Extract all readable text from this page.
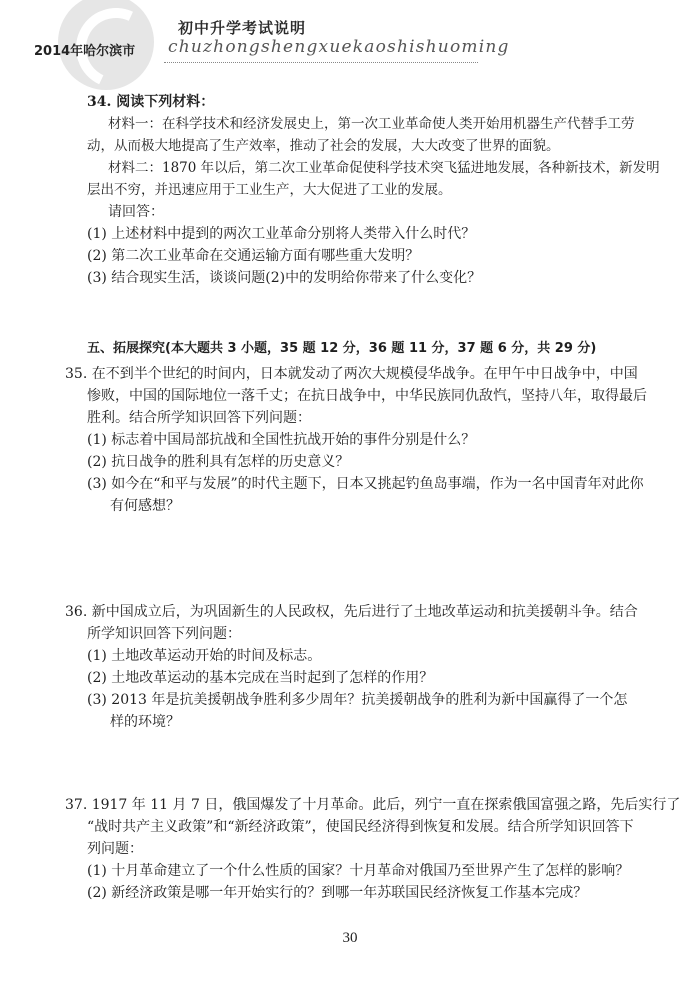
初中升学考试说明
2014年哈尔滨市 chuzhongshengxuekaoshishuoming
34. 阅读下列材料：
材料一：在科学技术和经济发展史上，第一次工业革命使人类开始用机器生产代替手工劳
动，从而极大地提高了生产效率，推动了社会的发展，大大改变了世界的面貌。
材料二：1870 年以后，第二次工业革命促使科学技术突飞猛进地发展，各种新技术，新发明
层出不穷，并迅速应用于工业生产，大大促进了工业的发展。
请回答：
(1) 上述材料中提到的两次工业革命分别将人类带入什么时代？
(2) 第二次工业革命在交通运输方面有哪些重大发明？
(3) 结合现实生活，谈谈问题(2)中的发明给你带来了什么变化？
五、拓展探究(本大题共 3 小题，35 题 12 分，36 题 11 分，37 题 6 分，共 29 分)
35. 在不到半个世纪的时间内，日本就发动了两次大规模侵华战争。在甲午中日战争中，中国
惨败，中国的国际地位一落千丈；在抗日战争中，中华民族同仇敌忾，坚持八年，取得最后
胜利。结合所学知识回答下列问题：
(1) 标志着中国局部抗战和全国性抗战开始的事件分别是什么？
(2) 抗日战争的胜利具有怎样的历史意义？
(3) 如今在“和平与发展”的时代主题下，日本又挑起钓鱼岛事端，作为一名中国青年对此你
有何感想？
36. 新中国成立后，为巩固新生的人民政权，先后进行了土地改革运动和抗美援朝斗争。结合
所学知识回答下列问题：
(1) 土地改革运动开始的时间及标志。
(2) 土地改革运动的基本完成在当时起到了怎样的作用？
(3) 2013 年是抗美援朝战争胜利多少周年？抗美援朝战争的胜利为新中国赢得了一个怎
样的环境？
37. 1917 年 11 月 7 日，俄国爆发了十月革命。此后，列宁一直在探索俄国富强之路，先后实行了
“战时共产主义政策”和“新经济政策”，使国民经济得到恢复和发展。结合所学知识回答下
列问题：
(1) 十月革命建立了一个什么性质的国家？十月革命对俄国乃至世界产生了怎样的影响？
(2) 新经济政策是哪一年开始实行的？到哪一年苏联国民经济恢复工作基本完成？
30
